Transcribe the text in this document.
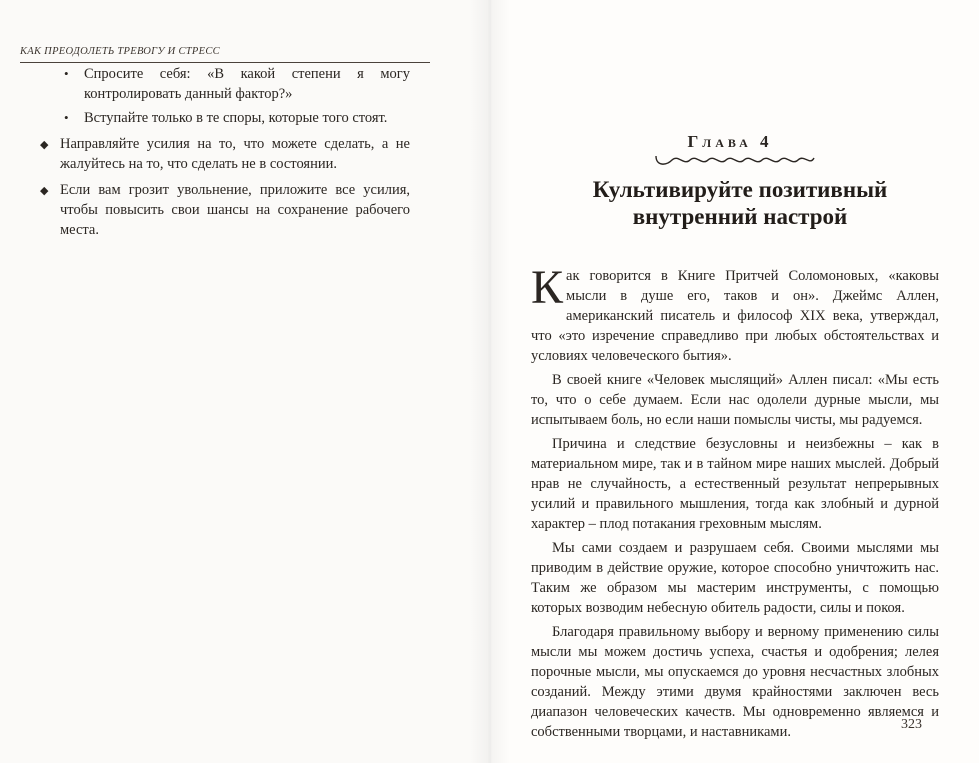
КАК ПРЕОДОЛЕТЬ ТРЕВОГУ И СТРЕСС
• Спросите себя: «В какой степени я могу контролировать данный фактор?»
• Вступайте только в те споры, которые того стоят.
◆ Направляйте усилия на то, что можете сделать, а не жалуйтесь на то, что сделать не в состоянии.
◆ Если вам грозит увольнение, приложите все усилия, чтобы повысить свои шансы на сохранение рабочего места.
Глава 4
Культивируйте позитивный
внутренний настрой

Как говорится в Книге Притчей Соломоновых, «каковы мысли в душе его, таков и он». Джеймс Аллен, американский писатель и философ XIX века, утверждал, что «это изречение справедливо при любых обстоятельствах и условиях человеческого бытия».

В своей книге «Человек мыслящий» Аллен писал: «Мы есть то, что о себе думаем. Если нас одолели дурные мысли, мы испытываем боль, но если наши помыслы чисты, мы радуемся.

Причина и следствие безусловны и неизбежны – как в материальном мире, так и в тайном мире наших мыслей. Добрый нрав не случайность, а естественный результат непрерывных усилий и правильного мышления, тогда как злобный и дурной характер – плод потакания греховным мыслям.

Мы сами создаем и разрушаем себя. Своими мыслями мы приводим в действие оружие, которое способно уничтожить нас. Таким же образом мы мастерим инструменты, с помощью которых возводим небесную обитель радости, силы и покоя.

Благодаря правильному выбору и верному применению силы мысли мы можем достичь успеха, счастья и одобрения; лелея порочные мысли, мы опускаемся до уровня несчастных злобных созданий. Между этими двумя крайностями заключен весь диапазон человеческих качеств. Мы одновременно являемся и собственными творцами, и наставниками.	323
